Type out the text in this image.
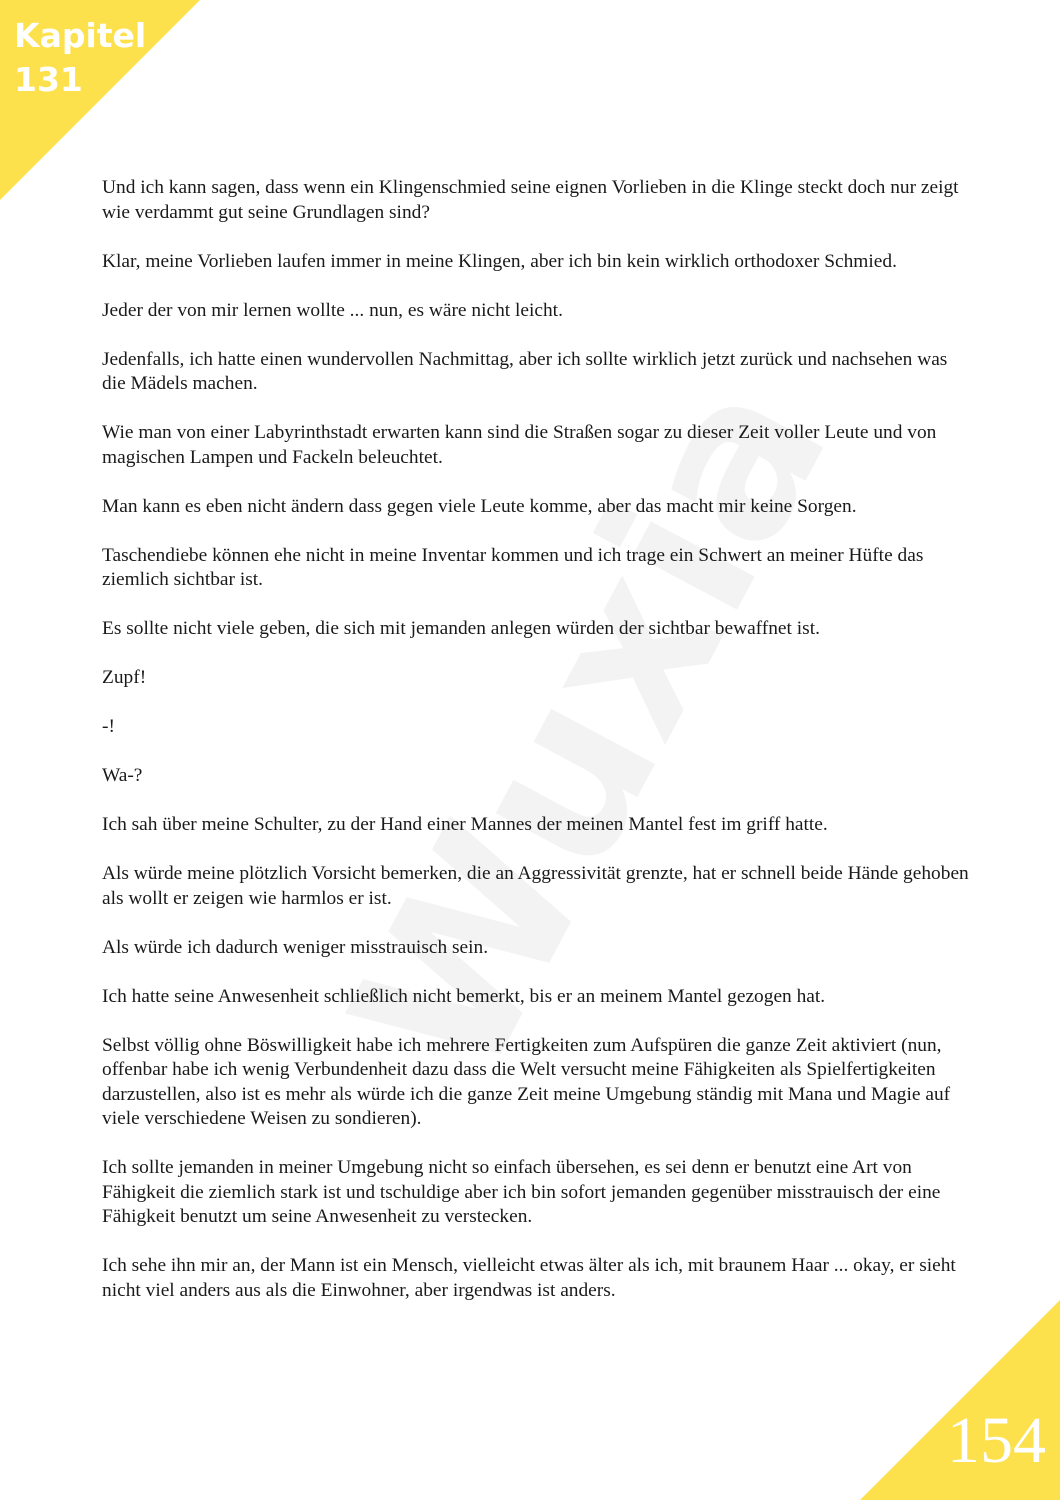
Kapitel
131

Und ich kann sagen, dass wenn ein Klingenschmied seine eignen Vorlieben in die Klinge steckt doch nur zeigt wie verdammt gut seine Grundlagen sind?

Klar, meine Vorlieben laufen immer in meine Klingen, aber ich bin kein wirklich orthodoxer Schmied.

Jeder der von mir lernen wollte ... nun, es wäre nicht leicht.

Jedenfalls, ich hatte einen wundervollen Nachmittag, aber ich sollte wirklich jetzt zurück und nachsehen was die Mädels machen.

Wie man von einer Labyrinthstadt erwarten kann sind die Straßen sogar zu dieser Zeit voller Leute und von magischen Lampen und Fackeln beleuchtet.

Man kann es eben nicht ändern dass gegen viele Leute komme, aber das macht mir keine Sorgen.

Taschendiebe können ehe nicht in meine Inventar kommen und ich trage ein Schwert an meiner Hüfte das ziemlich sichtbar ist.

Es sollte nicht viele geben, die sich mit jemanden anlegen würden der sichtbar bewaffnet ist.

Zupf!

-!

Wa-?

Ich sah über meine Schulter, zu der Hand einer Mannes der meinen Mantel fest im griff hatte.

Als würde meine plötzlich Vorsicht bemerken, die an Aggressivität grenzte, hat er schnell beide Hände gehoben als wollt er zeigen wie harmlos er ist.

Als würde ich dadurch weniger misstrauisch sein.

Ich hatte seine Anwesenheit schließlich nicht bemerkt, bis er an meinem Mantel gezogen hat.

Selbst völlig ohne Böswilligkeit habe ich mehrere Fertigkeiten zum Aufspüren die ganze Zeit aktiviert (nun, offenbar habe ich wenig Verbundenheit dazu dass die Welt versucht meine Fähigkeiten als Spielfertigkeiten darzustellen, also ist es mehr als würde ich die ganze Zeit meine Umgebung ständig mit Mana und Magie auf viele verschiedene Weisen zu sondieren).

Ich sollte jemanden in meiner Umgebung nicht so einfach übersehen, es sei denn er benutzt eine Art von Fähigkeit die ziemlich stark ist und tschuldige aber ich bin sofort jemanden gegenüber misstrauisch der eine Fähigkeit benutzt um seine Anwesenheit zu verstecken.

Ich sehe ihn mir an, der Mann ist ein Mensch, vielleicht etwas älter als ich, mit braunem Haar ... okay, er sieht nicht viel anders aus als die Einwohner, aber irgendwas ist anders.

154
